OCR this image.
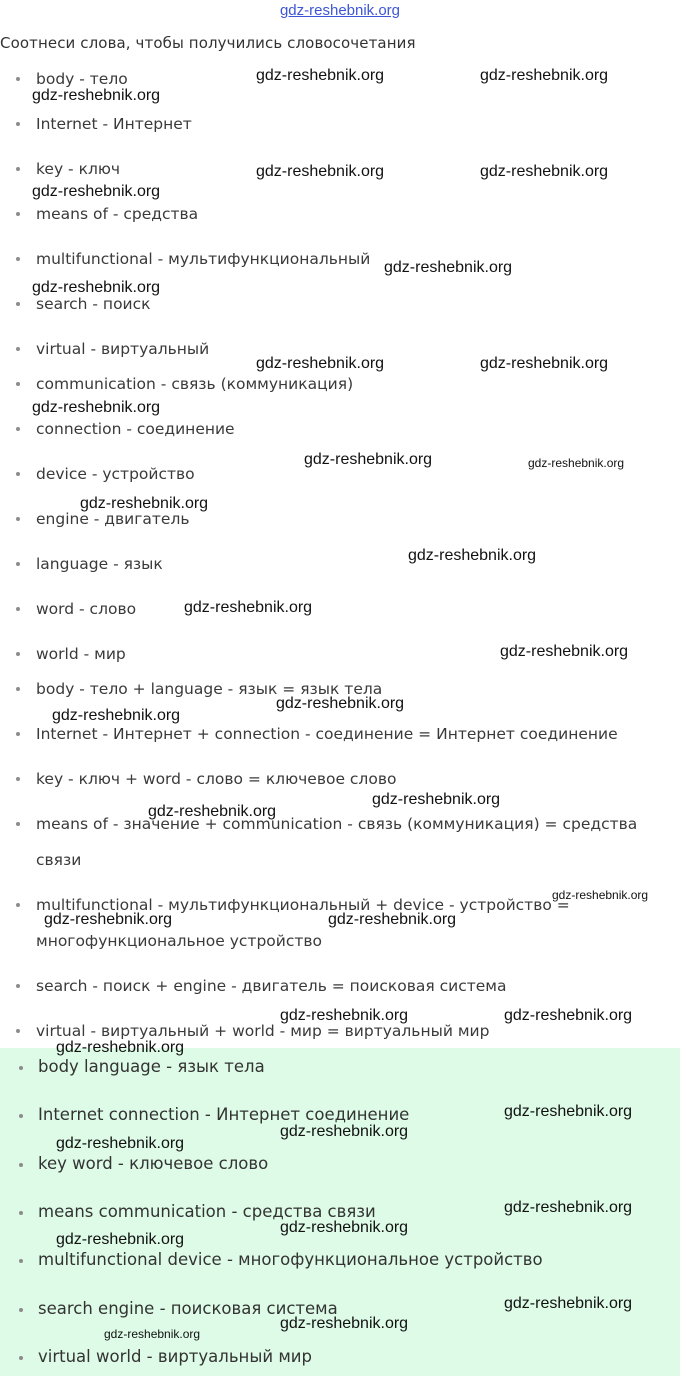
gdz-reshebnik.org
Соотнеси слова, чтобы получились словосочетания
body - тело
Internet - Интернет
key - ключ
means of - средства
multifunctional - мультифункциональный
search - поиск
virtual - виртуальный
communication - связь (коммуникация)
connection - соединение
device - устройство
engine - двигатель
language - язык
word - слово
world - мир
body - тело + language - язык = язык тела
Internet - Интернет + connection - соединение = Интернет соединение
key - ключ + word - слово = ключевое слово
means of - значение + communication - связь (коммуникация) = средства
связи
multifunctional - мультифункциональный + device - устройство =
многофункциональное устройство
search - поиск + engine - двигатель = поисковая система
virtual - виртуальный + world - мир = виртуальный мир
body language - язык тела
Internet connection - Интернет соединение
key word - ключевое слово
means communication - средства связи
multifunctional device - многофункциональное устройство
search engine - поисковая система
virtual world - виртуальный мир
gdz-reshebnik.org	gdz-reshebnik.org
gdz-reshebnik.org
gdz-reshebnik.org	gdz-reshebnik.org
gdz-reshebnik.org
gdz-reshebnik.org
gdz-reshebnik.org
gdz-reshebnik.org	gdz-reshebnik.org
gdz-reshebnik.org
gdz-reshebnik.org	gdz-reshebnik.org
gdz-reshebnik.org
gdz-reshebnik.org
gdz-reshebnik.org
gdz-reshebnik.org
gdz-reshebnik.org
gdz-reshebnik.org
gdz-reshebnik.org
gdz-reshebnik.org
gdz-reshebnik.org
gdz-reshebnik.org	gdz-reshebnik.org
gdz-reshebnik.org	gdz-reshebnik.org
gdz-reshebnik.org
gdz-reshebnik.org
gdz-reshebnik.org
gdz-reshebnik.org
gdz-reshebnik.org
gdz-reshebnik.org
gdz-reshebnik.org
gdz-reshebnik.org
gdz-reshebnik.org
gdz-reshebnik.org
